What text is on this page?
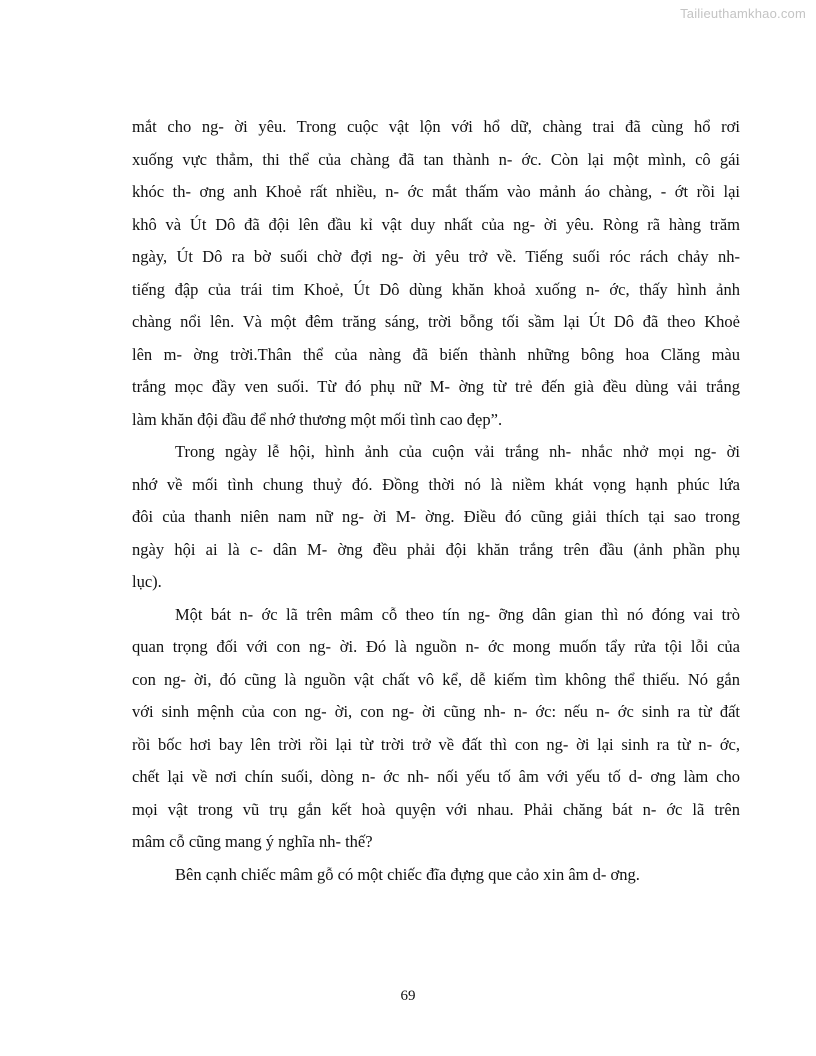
Tailieuthamkhao.com
mắt cho ng- ời yêu. Trong cuộc vật lộn với hổ dữ, chàng trai đã cùng hổ rơi
xuống vực thẳm, thi thể của chàng đã tan thành n- ớc. Còn lại một mình, cô gái
khóc th- ơng anh Khoẻ rất nhiều, n- ớc mắt thấm vào mảnh áo chàng, - ớt rồi lại
khô và Út Dô đã đội lên đầu kỉ vật duy nhất của ng- ời yêu. Ròng rã hàng trăm
ngày, Út Dô ra bờ suối chờ đợi ng- ời yêu trở về. Tiếng suối róc rách chảy nh-
tiếng đập của trái tim Khoẻ, Út Dô dùng khăn khoả xuống n- ớc, thấy hình ảnh
chàng nổi lên. Và một đêm trăng sáng, trời bỗng tối sầm lại Út Dô đã theo Khoẻ
lên m- ờng trời.Thân thể của nàng đã biến thành những bông hoa Clăng màu
trắng mọc đầy ven suối. Từ đó phụ nữ M- ờng từ trẻ đến già đều dùng vải trắng
làm khăn đội đầu để nhớ thương một mối tình cao đẹp”.
Trong ngày lễ hội, hình ảnh của cuộn vải trắng nh- nhắc nhở mọi ng- ời
nhớ về mối tình chung thuỷ đó. Đồng thời nó là niềm khát vọng hạnh phúc lứa
đôi của thanh niên nam nữ ng- ời M- ờng. Điều đó cũng giải thích tại sao trong
ngày hội ai là c- dân M- ờng đều phải đội khăn trắng trên đầu (ảnh phần phụ
lục).
Một bát n- ớc lã trên mâm cỗ theo tín ng- ỡng dân gian thì nó đóng vai trò
quan trọng đối với con ng- ời. Đó là nguồn n- ớc mong muốn tẩy rửa tội lỗi của
con ng- ời, đó cũng là nguồn vật chất vô kể, dễ kiếm tìm không thể thiếu. Nó gắn
với sinh mệnh của con ng- ời, con ng- ời cũng nh- n- ớc: nếu n- ớc sinh ra từ đất
rồi bốc hơi bay lên trời rồi lại từ trời trở về đất thì con ng- ời lại sinh ra từ n- ớc,
chết lại về nơi chín suối, dòng n- ớc nh- nối yếu tố âm với yếu tố d- ơng làm cho
mọi vật trong vũ trụ gắn kết hoà quyện với nhau. Phải chăng bát n- ớc lã trên
mâm cỗ cũng mang ý nghĩa nh- thế?
Bên cạnh chiếc mâm gỗ có một chiếc đĩa đựng que cảo xin âm d- ơng.
69
